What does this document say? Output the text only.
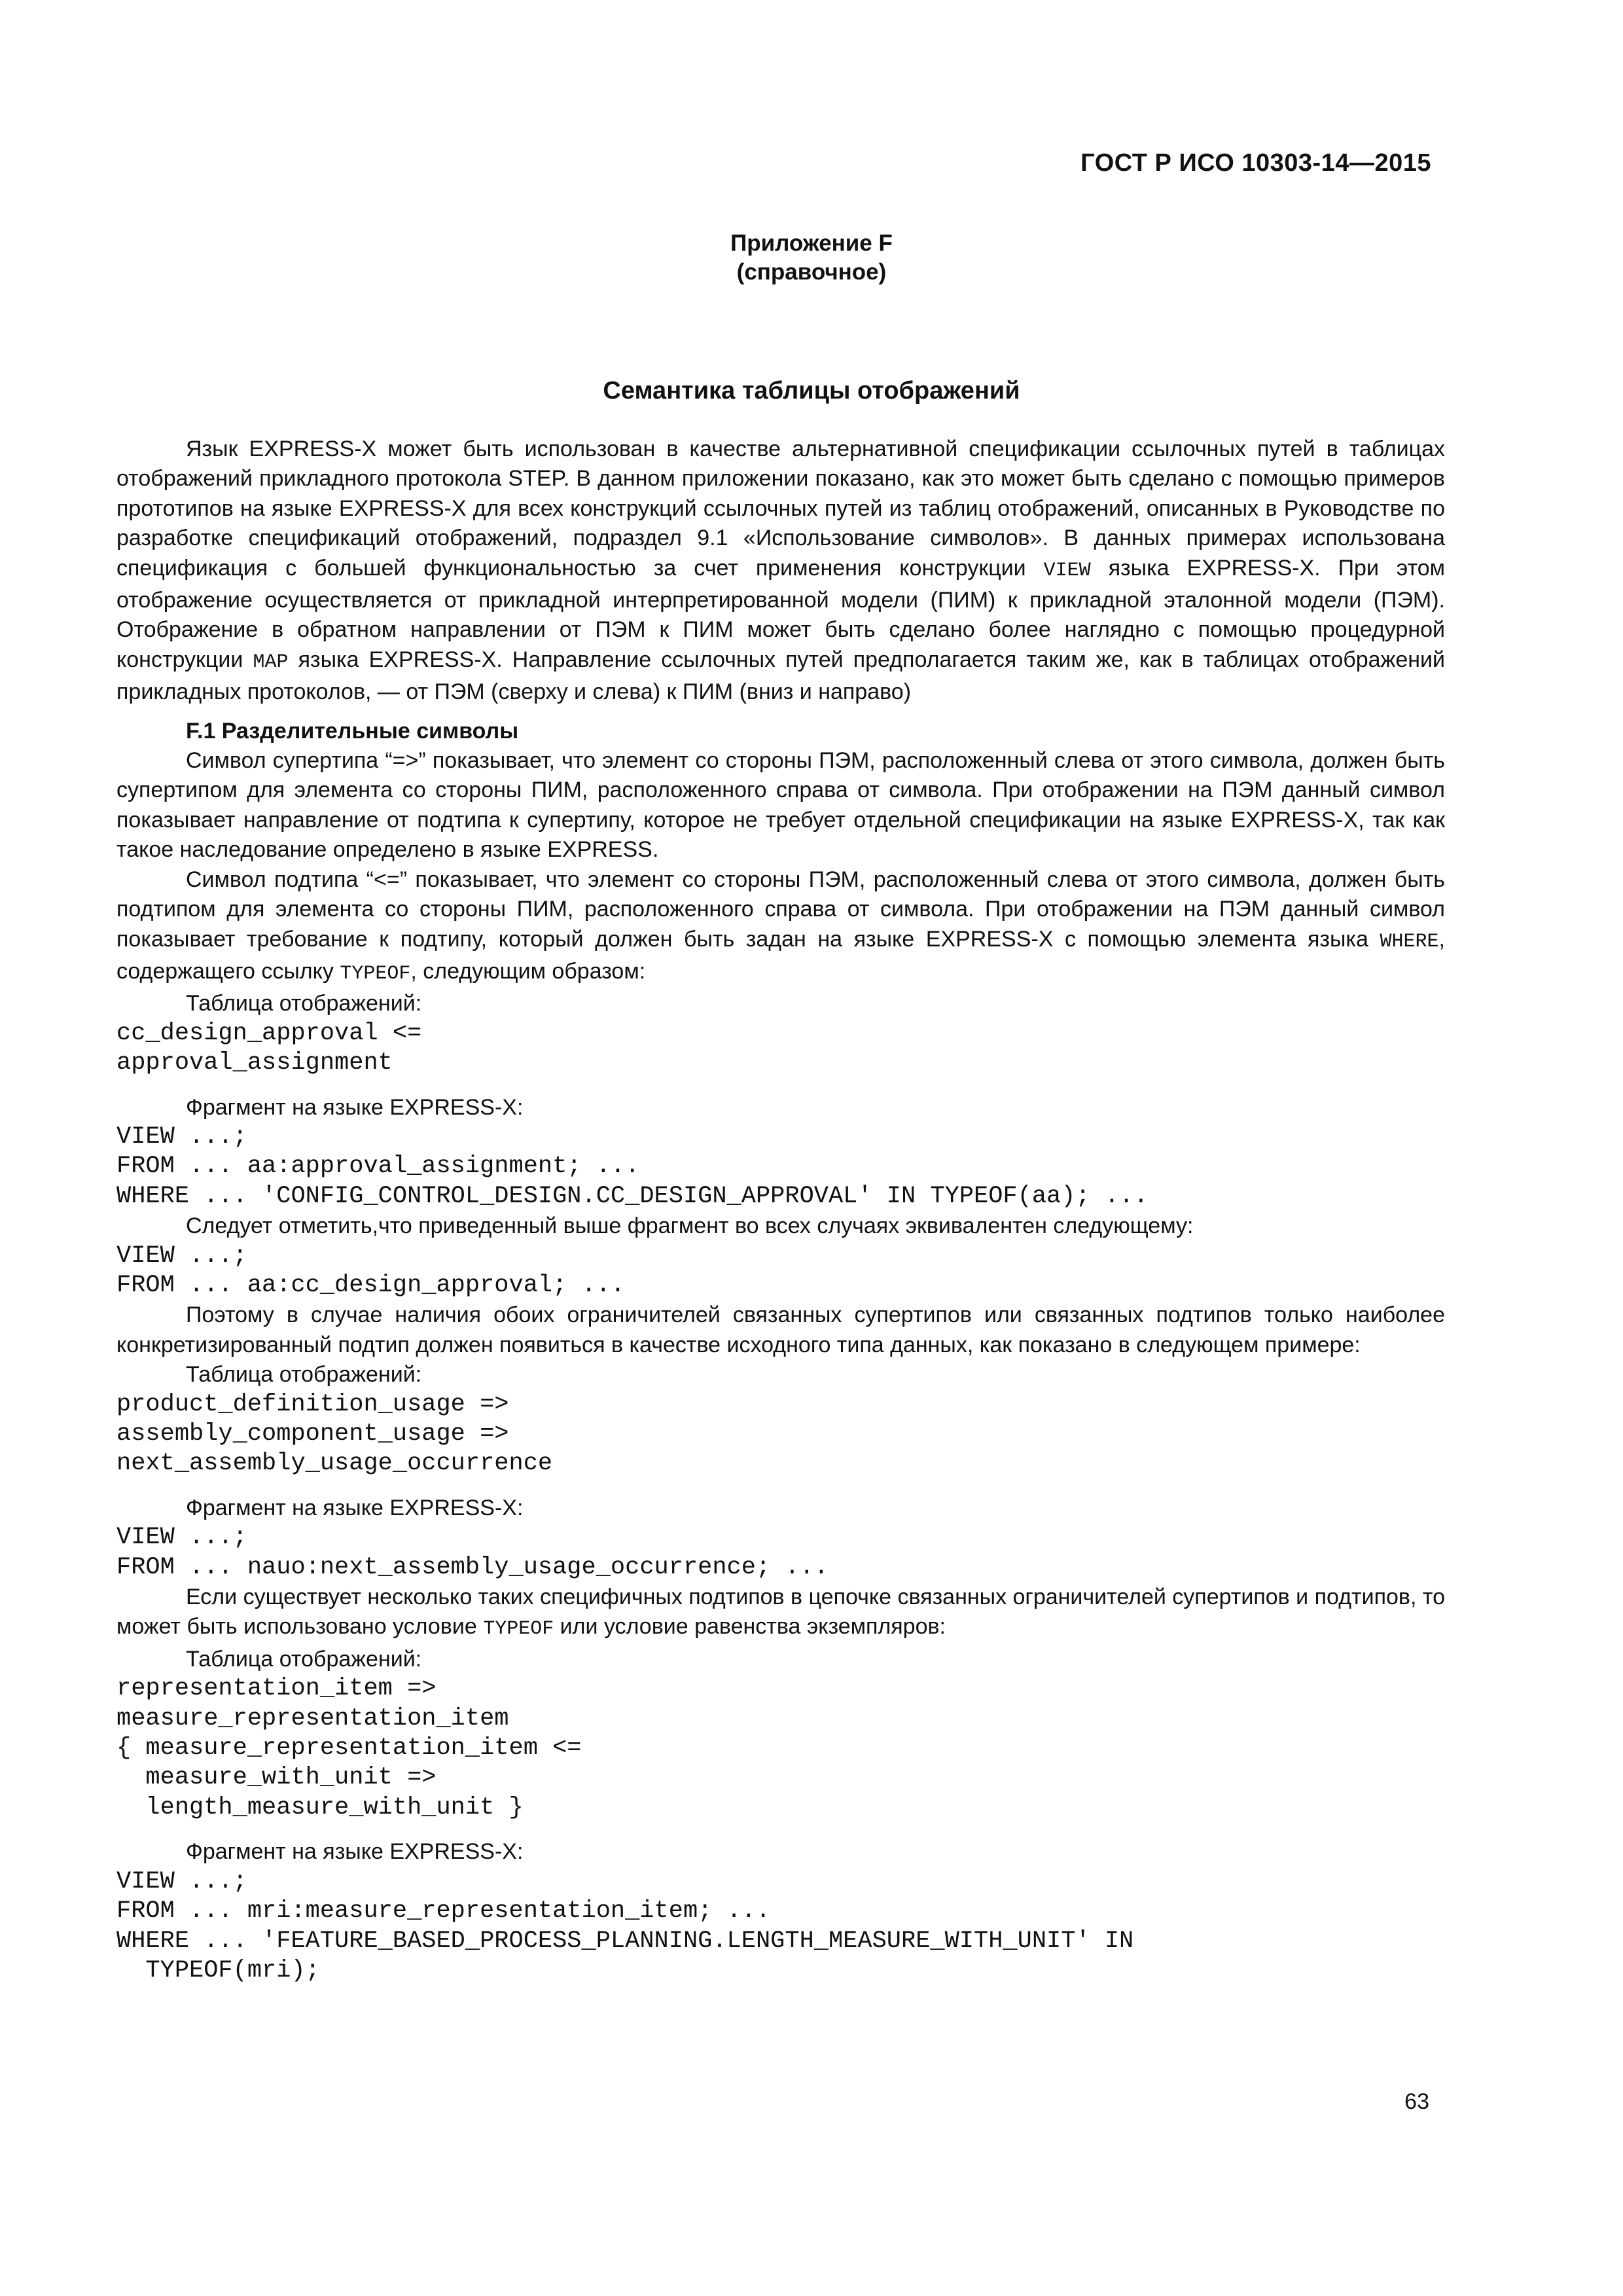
ГОСТ Р ИСО 10303-14—2015
Приложение F
(справочное)
Семантика таблицы отображений

Язык EXPRESS-X может быть использован в качестве альтернативной спецификации ссылочных путей в таблицах отображений прикладного протокола STEP. В данном приложении показано, как это может быть сделано с помощью примеров прототипов на языке EXPRESS-X для всех конструкций ссылочных путей из таблиц отображений, описанных в Руководстве по разработке спецификаций отображений, подраздел 9.1 «Использование символов». В данных примерах использована спецификация с большей функциональностью за счет применения конструкции VIEW языка EXPRESS-X. При этом отображение осуществляется от прикладной интерпретированной модели (ПИМ) к прикладной эталонной модели (ПЭМ). Отображение в обратном направлении от ПЭМ к ПИМ может быть сделано более наглядно с помощью процедурной конструкции MAP языка EXPRESS-X. Направление ссылочных путей предполагается таким же, как в таблицах отображений прикладных протоколов, — от ПЭМ (сверху и слева) к ПИМ (вниз и направо)

F.1 Разделительные символы

Символ супертипа “=>” показывает, что элемент со стороны ПЭМ, расположенный слева от этого символа, должен быть супертипом для элемента со стороны ПИМ, расположенного справа от символа. При отображении на ПЭМ данный символ показывает направление от подтипа к супертипу, которое не требует отдельной спецификации на языке EXPRESS-X, так как такое наследование определено в языке EXPRESS.

Символ подтипа “<=” показывает, что элемент со стороны ПЭМ, расположенный слева от этого символа, должен быть подтипом для элемента со стороны ПИМ, расположенного справа от символа. При отображении на ПЭМ данный символ показывает требование к подтипу, который должен быть задан на языке EXPRESS-X с помощью элемента языка WHERE, содержащего ссылку TYPEOF, следующим образом:

Таблица отображений:
cc_design_approval <=
approval_assignment
Фрагмент на языке EXPRESS-X:
VIEW ...;
FROM ... aa:approval_assignment; ...
WHERE ... 'CONFIG_CONTROL_DESIGN.CC_DESIGN_APPROVAL' IN TYPEOF(aa); ...
Следует отметить,что приведенный выше фрагмент во всех случаях эквивалентен следующему:
VIEW ...;
FROM ... aa:cc_design_approval; ...

Поэтому в случае наличия обоих ограничителей связанных супертипов или связанных подтипов только наиболее конкретизированный подтип должен появиться в качестве исходного типа данных, как показано в следующем примере:

Таблица отображений:
product_definition_usage =>
assembly_component_usage =>
next_assembly_usage_occurrence
Фрагмент на языке EXPRESS-X:
VIEW ...;
FROM ... nauo:next_assembly_usage_occurrence; ...

Если существует несколько таких специфичных подтипов в цепочке связанных ограничителей супертипов и подтипов, то может быть использовано условие TYPEOF или условие равенства экземпляров:

Таблица отображений:
representation_item =>
measure_representation_item
{ measure_representation_item <=
measure_with_unit =>
length_measure_with_unit }
Фрагмент на языке EXPRESS-X:
VIEW ...;
FROM ... mri:measure_representation_item; ...
WHERE ... 'FEATURE_BASED_PROCESS_PLANNING.LENGTH_MEASURE_WITH_UNIT' IN
TYPEOF(mri);
63
